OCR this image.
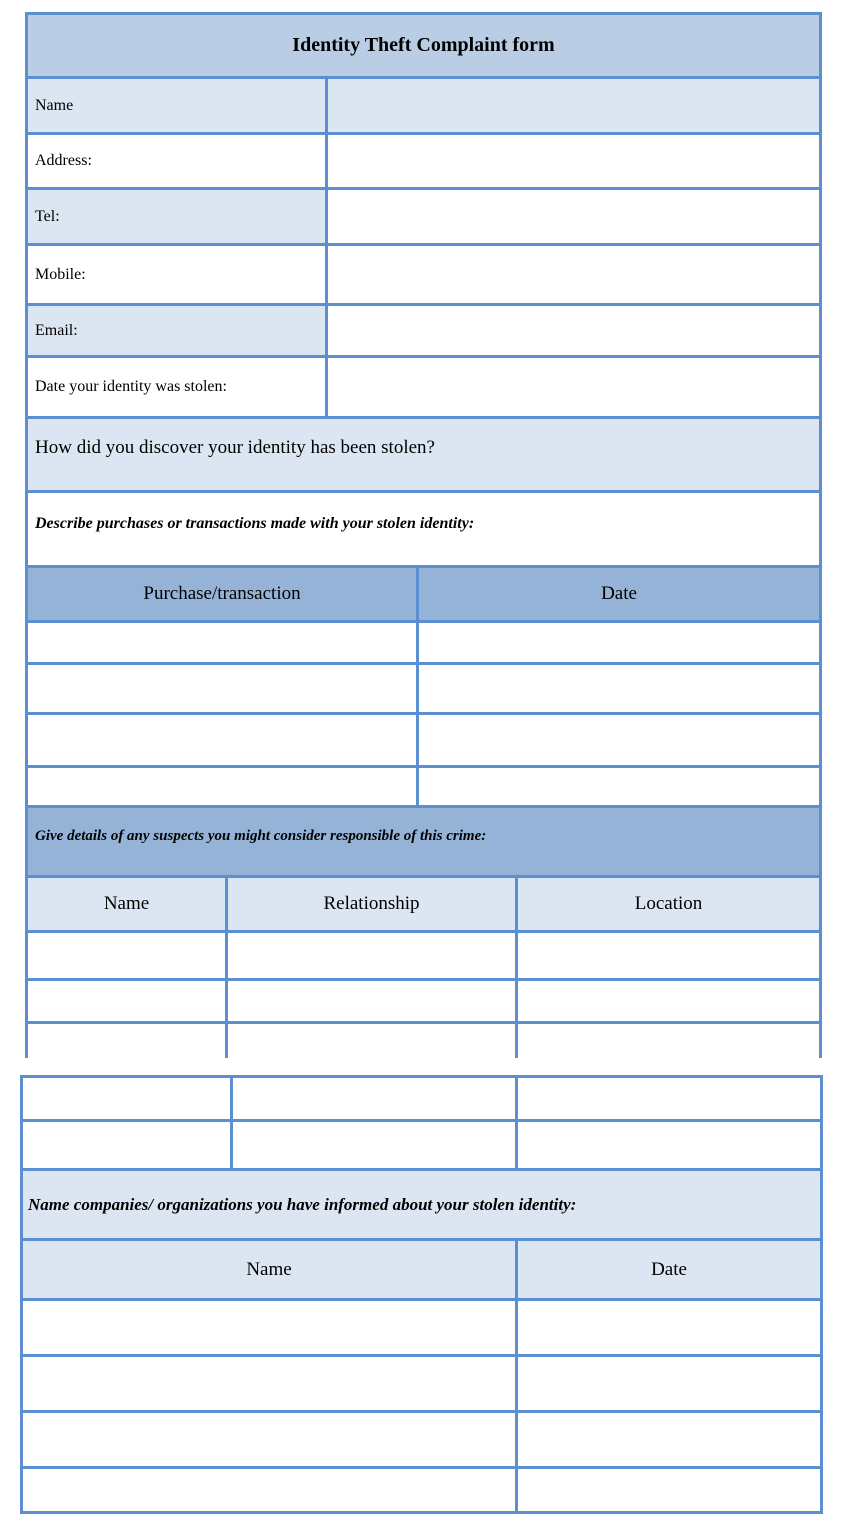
Identity Theft Complaint form
Name
Address:
Tel:
Mobile:
Email:
Date your identity was stolen:
How did you discover your identity has been stolen?
Describe purchases or transactions made with your stolen identity:
Purchase/transaction	Date
Give details of any suspects you might consider responsible of this crime:
Name	Relationship	Location
Name companies/ organizations you have informed about your stolen identity:
Name	Date
